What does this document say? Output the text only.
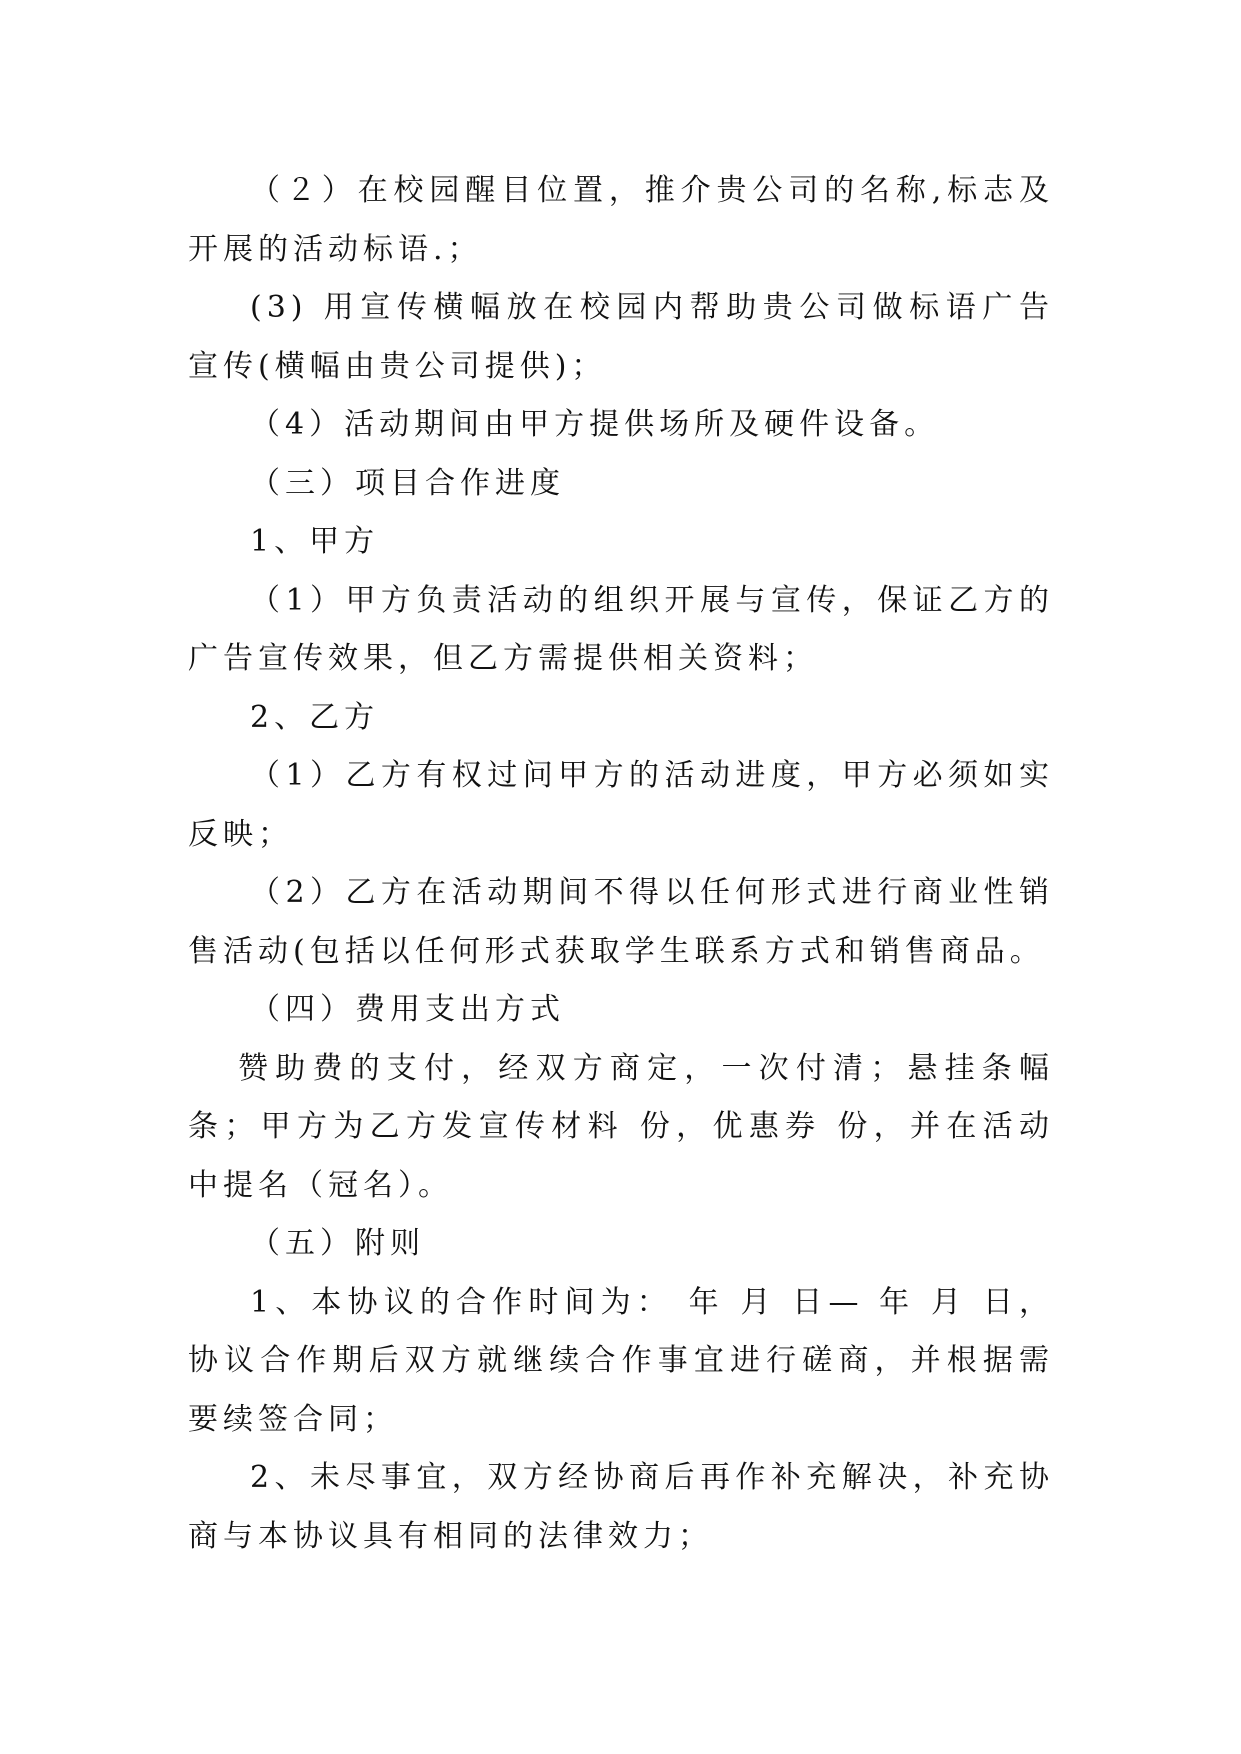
（２）在校园醒目位置，推介贵公司的名称,标志及开展的活动标语.；

(3) 用宣传横幅放在校园内帮助贵公司做标语广告宣传(横幅由贵公司提供)；

（4）活动期间由甲方提供场所及硬件设备。

（三）项目合作进度

1、甲方

（1）甲方负责活动的组织开展与宣传，保证乙方的广告宣传效果，但乙方需提供相关资料；

2、乙方

（1）乙方有权过问甲方的活动进度，甲方必须如实反映；

（2）乙方在活动期间不得以任何形式进行商业性销售活动(包括以任何形式获取学生联系方式和销售商品。

（四）费用支出方式

赞助费的支付，经双方商定，一次付清；悬挂条幅 条；甲方为乙方发宣传材料 份，优惠券 份，并在活动中提名（冠名）。

（五）附则

1、本协议的合作时间为： 年 月 日— 年 月 日，协议合作期后双方就继续合作事宜进行磋商，并根据需要续签合同；

2、未尽事宜，双方经协商后再作补充解决，补充协商与本协议具有相同的法律效力；
